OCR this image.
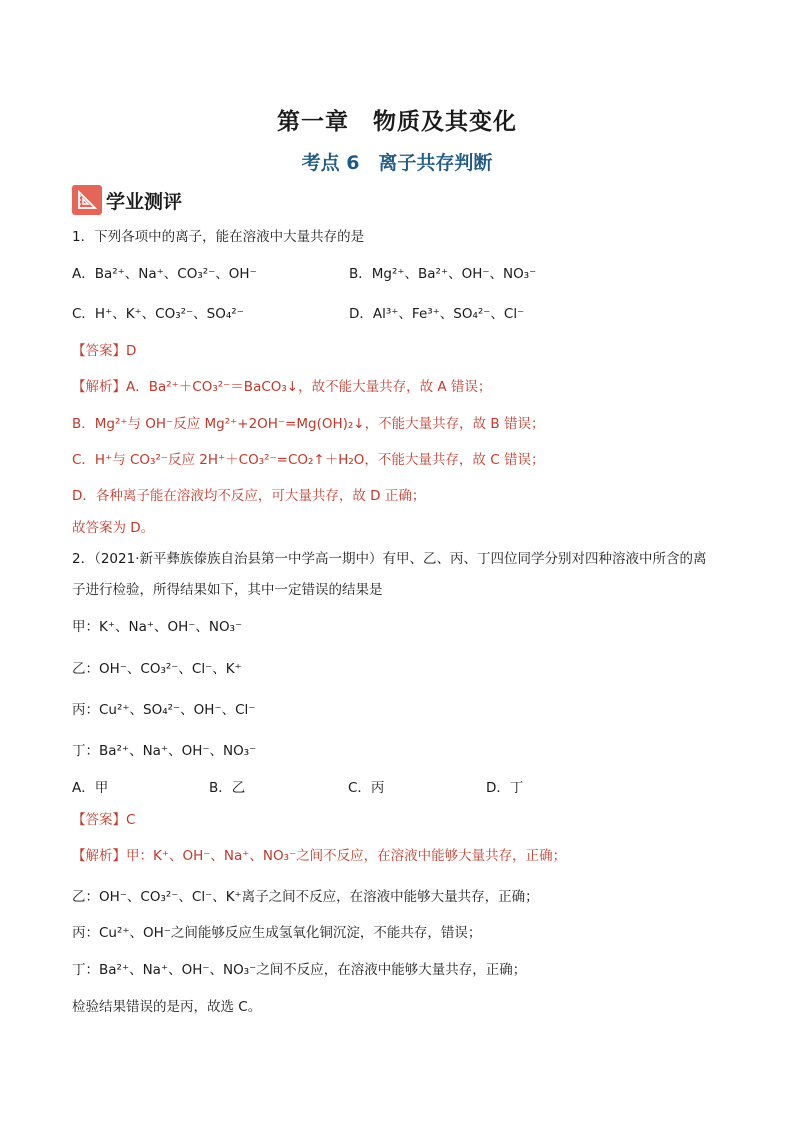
第一章　物质及其变化
考点 6　离子共存判断
学业测评
1．下列各项中的离子，能在溶液中大量共存的是
A．Ba²⁺、Na⁺、CO₃²⁻、OH⁻	B．Mg²⁺、Ba²⁺、OH⁻、NO₃⁻
C．H⁺、K⁺、CO₃²⁻、SO₄²⁻	D．Al³⁺、Fe³⁺、SO₄²⁻、Cl⁻
【答案】D
【解析】A．Ba²⁺＋CO₃²⁻＝BaCO₃↓，故不能大量共存，故 A 错误；
B．Mg²⁺与 OH⁻反应 Mg²⁺+2OH⁻=Mg(OH)₂↓，不能大量共存，故 B 错误；
C．H⁺与 CO₃²⁻反应 2H⁺＋CO₃²⁻=CO₂↑＋H₂O，不能大量共存，故 C 错误；
D．各种离子能在溶液均不反应，可大量共存，故 D 正确；
故答案为 D。
2．（2021·新平彝族傣族自治县第一中学高一期中）有甲、乙、丙、丁四位同学分别对四种溶液中所含的离
子进行检验，所得结果如下，其中一定错误的结果是
甲：K⁺、Na⁺、OH⁻、NO₃⁻
乙：OH⁻、CO₃²⁻、Cl⁻、K⁺
丙：Cu²⁺、SO₄²⁻、OH⁻、Cl⁻
丁：Ba²⁺、Na⁺、OH⁻、NO₃⁻
A．甲	B．乙	C．丙	D．丁
【答案】C
【解析】甲：K⁺、OH⁻、Na⁺、NO₃⁻之间不反应，在溶液中能够大量共存，正确；
乙：OH⁻、CO₃²⁻、Cl⁻、K⁺离子之间不反应，在溶液中能够大量共存，正确；
丙：Cu²⁺、OH⁻之间能够反应生成氢氧化铜沉淀，不能共存，错误；
丁：Ba²⁺、Na⁺、OH⁻、NO₃⁻之间不反应，在溶液中能够大量共存，正确；
检验结果错误的是丙，故选 C。
